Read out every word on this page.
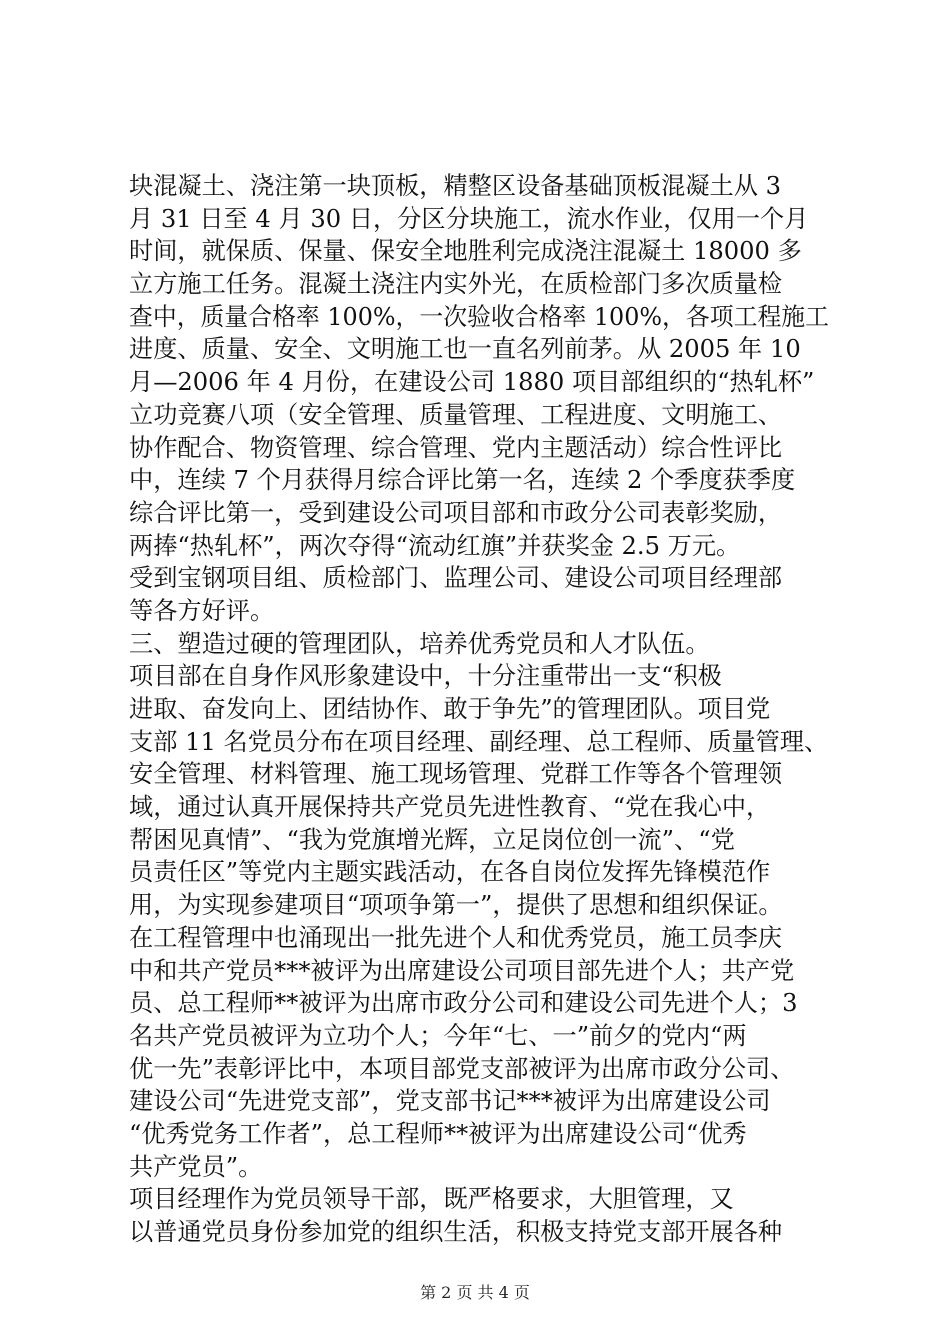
块混凝土、浇注第一块顶板，精整区设备基础顶板混凝土从 3
月 31 日至 4 月 30 日，分区分块施工，流水作业，仅用一个月
时间，就保质、保量、保安全地胜利完成浇注混凝土 18000 多
立方施工任务。混凝土浇注内实外光，在质检部门多次质量检
查中，质量合格率 100%，一次验收合格率 100%，各项工程施工
进度、质量、安全、文明施工也一直名列前茅。从 2005 年 10
月—2006 年 4 月份，在建设公司 1880 项目部组织的“热轧杯”
立功竞赛八项（安全管理、质量管理、工程进度、文明施工、
协作配合、物资管理、综合管理、党内主题活动）综合性评比
中，连续 7 个月获得月综合评比第一名，连续 2 个季度获季度
综合评比第一，受到建设公司项目部和市政分公司表彰奖励，
两捧“热轧杯”，两次夺得“流动红旗”并获奖金 2.5 万元。
受到宝钢项目组、质检部门、监理公司、建设公司项目经理部
等各方好评。
三、塑造过硬的管理团队，培养优秀党员和人才队伍。
项目部在自身作风形象建设中，十分注重带出一支“积极
进取、奋发向上、团结协作、敢于争先”的管理团队。项目党
支部 11 名党员分布在项目经理、副经理、总工程师、质量管理、
安全管理、材料管理、施工现场管理、党群工作等各个管理领
域，通过认真开展保持共产党员先进性教育、“党在我心中，
帮困见真情”、“我为党旗增光辉，立足岗位创一流”、“党
员责任区”等党内主题实践活动，在各自岗位发挥先锋模范作
用，为实现参建项目“项项争第一”，提供了思想和组织保证。
在工程管理中也涌现出一批先进个人和优秀党员，施工员李庆
中和共产党员***被评为出席建设公司项目部先进个人；共产党
员、总工程师**被评为出席市政分公司和建设公司先进个人；3
名共产党员被评为立功个人；今年“七、一”前夕的党内“两
优一先”表彰评比中，本项目部党支部被评为出席市政分公司、
建设公司“先进党支部”，党支部书记***被评为出席建设公司
“优秀党务工作者”，总工程师**被评为出席建设公司“优秀
共产党员”。
项目经理作为党员领导干部，既严格要求，大胆管理，又
以普通党员身份参加党的组织生活，积极支持党支部开展各种
第 2 页 共 4 页
